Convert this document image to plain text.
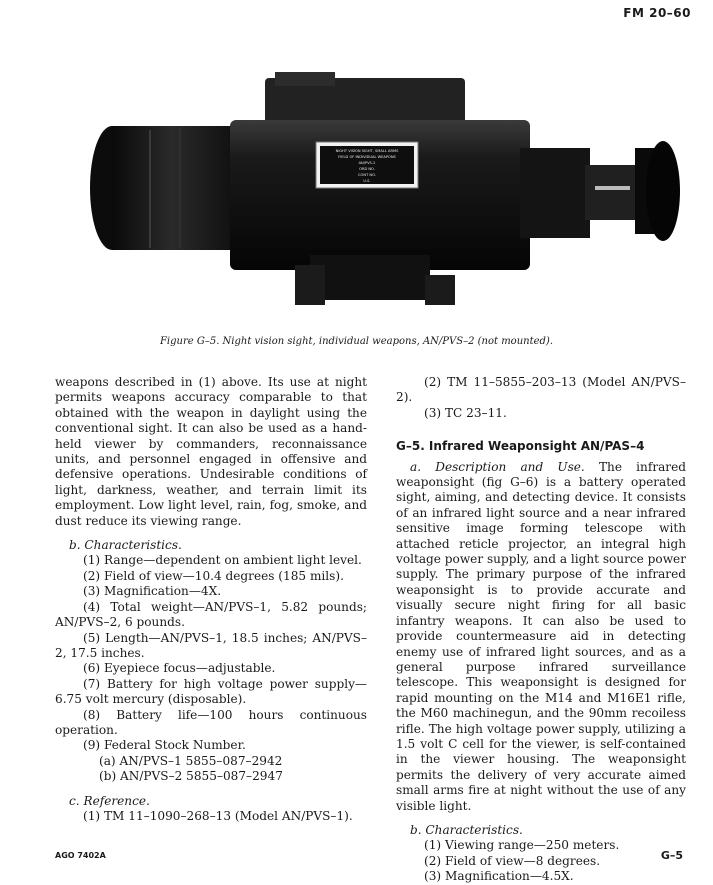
FM 20–60
NIGHT VISION SIGHT, SMALL ARMS
FIELD OF INDIVIDUAL WEAPONS
AN/PVS-2
ORD NO.
CONT NO.
U.S.
Figure G–5. Night vision sight, individual weapons, AN/PVS–2 (not mounted).

weapons described in (1) above. Its use at night permits weapons accuracy comparable to that obtained with the weapon in daylight using the conventional sight. It can also be used as a hand-held viewer by commanders, reconnaissance units, and personnel engaged in offensive and defensive operations. Undesirable conditions of light, darkness, weather, and terrain limit its employment. Low light level, rain, fog, smoke, and dust reduce its viewing range.

b. Characteristics.

(1) Range—dependent on ambient light level.

(2) Field of view—10.4 degrees (185 mils).

(3) Magnification—4X.

(4) Total weight—AN/PVS–1, 5.82 pounds; AN/PVS–2, 6 pounds.

(5) Length—AN/PVS–1, 18.5 inches; AN/PVS–2, 17.5 inches.

(6) Eyepiece focus—adjustable.

(7) Battery for high voltage power supply—6.75 volt mercury (disposable).

(8) Battery life—100 hours continuous operation.

(9) Federal Stock Number.

(a) AN/PVS–1 5855–087–2942

(b) AN/PVS–2 5855–087–2947

c. Reference.

(1) TM 11–1090–268–13 (Model AN/PVS–1).

(2) TM 11–5855–203–13 (Model AN/PVS–2).

(3) TC 23–11.

G–5. Infrared Weaponsight AN/PAS–4

a. Description and Use. The infrared weaponsight (fig G–6) is a battery operated sight, aiming, and detecting device. It consists of an infrared light source and a near infrared sensitive image forming telescope with attached reticle projector, an integral high voltage power supply, and a light source power supply. The primary purpose of the infrared weaponsight is to provide accurate and visually secure night firing for all basic infantry weapons. It can also be used to provide countermeasure aid in detecting enemy use of infrared light sources, and as a general purpose infrared surveillance telescope. This weaponsight is designed for rapid mounting on the M14 and M16E1 rifle, the M60 machinegun, and the 90mm recoiless rifle. The high voltage power supply, utilizing a 1.5 volt C cell for the viewer, is self-contained in the viewer housing. The weaponsight permits the delivery of very accurate aimed small arms fire at night without the use of any visible light.

b. Characteristics.

(1) Viewing range—250 meters.

(2) Field of view—8 degrees.

(3) Magnification—4.5X.

AGO 7402A	G–5
